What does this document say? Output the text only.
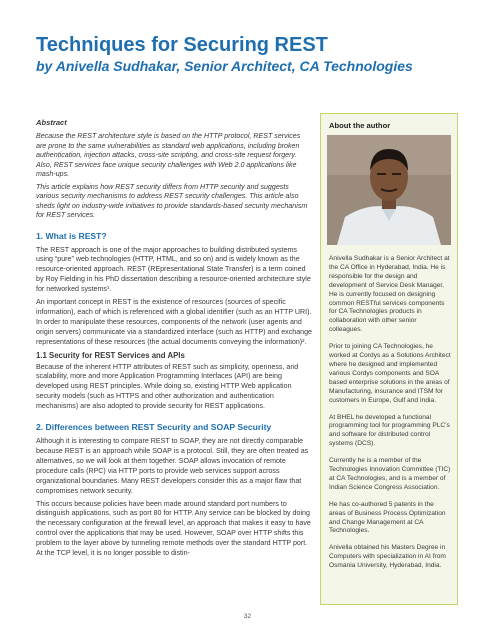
Techniques for Securing REST
by Anivella Sudhakar, Senior Architect, CA Technologies
Abstract

Because the REST architecture style is based on the HTTP protocol, REST services are prone to the same vulnerabilities as standard web applications, including broken authentication, injection attacks, cross-site scripting, and cross-site request forgery. Also, REST services face unique security challenges with Web 2.0 applications like mash-ups.

This article explains how REST security differs from HTTP security and suggests various security mechanisms to address REST security challenges. This article also sheds light on industry-wide initiatives to provide standards-based security mechanism for REST services.

1. What is REST?

The REST approach is one of the major approaches to building distributed systems using “pure” web technologies (HTTP, HTML, and so on) and is widely known as the resource-oriented approach. REST (REpresentational State Transfer) is a term coined by Roy Fielding in his PhD dissertation describing a resource-oriented architecture style for networked systems¹.

An important concept in REST is the existence of resources (sources of specific information), each of which is referenced with a global identifier (such as an HTTP URI). In order to manipulate these resources, components of the network (user agents and origin servers) communicate via a standardized interface (such as HTTP) and exchange representations of these resources (the actual documents conveying the information)².

1.1 Security for REST Services and APIs

Because of the inherent HTTP attributes of REST such as simplicity, openness, and scalability, more and more Application Programming Interfaces (API) are being developed using REST principles. While doing so, existing HTTP Web application security models (such as HTTPS and other authorization and authentication mechanisms) are also adopted to provide security for REST applications.

2. Differences between REST Security and SOAP Security

Although it is interesting to compare REST to SOAP, they are not directly comparable because REST is an approach while SOAP is a protocol. Still, they are often treated as alternatives, so we will look at them together. SOAP allows invocation of remote procedure calls (RPC) via HTTP ports to provide web services support across organizational boundaries. Many REST developers consider this as a major flaw that compromises network security.

This occurs because policies have been made around standard port numbers to distinguish applications, such as port 80 for HTTP. Any service can be blocked by doing the necessary configuration at the firewall level, an approach that makes it easy to have control over the applications that may be used. However, SOAP over HTTP shifts this problem to the layer above by tunneling remote methods over the standard HTTP port. At the TCP level, it is no longer possible to distin-

About the author

Anivella Sudhakar is a Senior Architect at the CA Office in Hyderabad, India. He is responsible for the design and development of Service Desk Manager. He is currently focused on designing common RESTful services components for CA Technologies products in collaboration with other senior colleagues.

Prior to joining CA Technologies, he worked at Cordys as a Solutions Architect where he designed and implemented various Cordys components and SOA based enterprise solutions in the areas of Manufacturing, insurance and ITSM for customers in Europe, Gulf and India.

At BHEL he developed a functional programming tool for programming PLC’s and software for distributed control systems (DCS).

Currently he is a member of the Technologies Innovation Committee (TIC) at CA Technologies, and is a member of Indian Science Congress Association.

He has co-authored 5 patents in the areas of Business Process Optimization and Change Management at CA Technologies.

Anivella obtained his Masters Degree in Computers with specialization in AI from Osmania University, Hyderabad, India.

32
